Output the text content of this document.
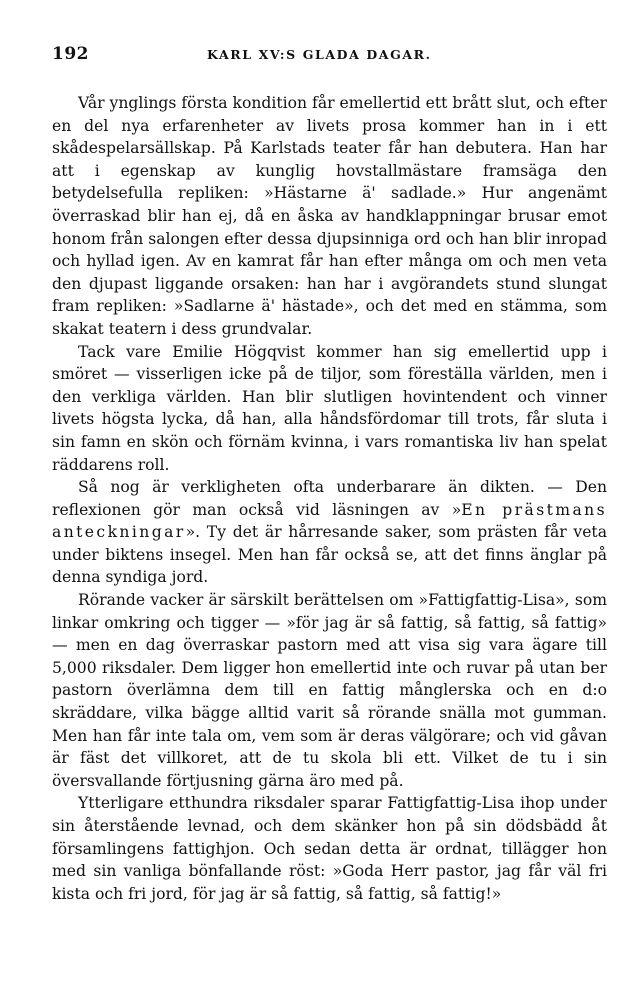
192	KARL XV:S GLADA DAGAR.

Vår ynglings första kondition får emellertid ett brått slut, och efter en del nya erfarenheter av livets prosa kommer han in i ett skådespelarsällskap. På Karlstads teater får han debutera. Han har att i egenskap av kunglig hovstallmästare framsäga den betydelsefulla repliken: »Hästarne ä' sadlade.» Hur angenämt överraskad blir han ej, då en åska av handklappningar brusar emot honom från salongen efter dessa djupsinniga ord och han blir inropad och hyllad igen. Av en kamrat får han efter många om och men veta den djupast liggande orsaken: han har i avgörandets stund slungat fram repliken: »Sadlarne ä' hästade», och det med en stämma, som skakat teatern i dess grundvalar.

Tack vare Emilie Högqvist kommer han sig emellertid upp i smöret — visserligen icke på de tiljor, som föreställa världen, men i den verkliga världen. Han blir slutligen hovintendent och vinner livets högsta lycka, då han, alla håndsfördomar till trots, får sluta i sin famn en skön och förnäm kvinna, i vars romantiska liv han spelat räddarens roll.

Så nog är verkligheten ofta underbarare än dikten. — Den reflexionen gör man också vid läsningen av »En prästmans anteckningar». Ty det är hårresande saker, som prästen får veta under biktens insegel. Men han får också se, att det finns änglar på denna syndiga jord.

Rörande vacker är särskilt berättelsen om »Fattigfattig-Lisa», som linkar omkring och tigger — »för jag är så fattig, så fattig, så fattig» — men en dag överraskar pastorn med att visa sig vara ägare till 5,000 riksdaler. Dem ligger hon emellertid inte och ruvar på utan ber pastorn överlämna dem till en fattig månglerska och en d:o skräddare, vilka bägge alltid varit så rörande snälla mot gumman. Men han får inte tala om, vem som är deras välgörare; och vid gåvan är fäst det villkoret, att de tu skola bli ett. Vilket de tu i sin översvallande förtjusning gärna äro med på.

Ytterligare etthundra riksdaler sparar Fattigfattig-Lisa ihop under sin återstående levnad, och dem skänker hon på sin dödsbädd åt församlingens fattighjon. Och sedan detta är ordnat, tillägger hon med sin vanliga bönfallande röst: »Goda Herr pastor, jag får väl fri kista och fri jord, för jag är så fattig, så fattig, så fattig!»
